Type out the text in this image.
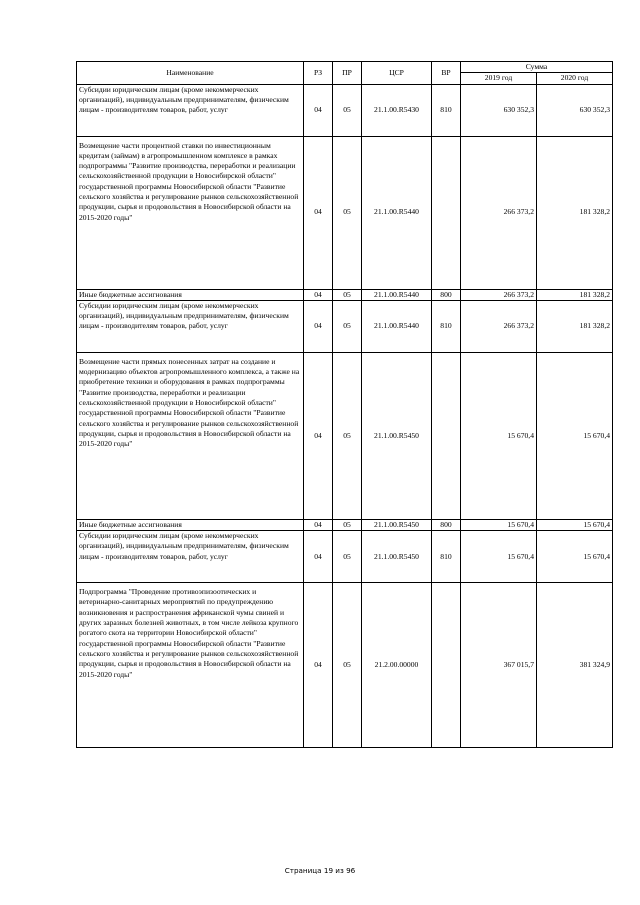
Наименование	РЗ	ПР	ЦСР	ВР	Сумма	
					2019 год	2020 год
Субсидии юридическим лицам (кроме некоммерческих организаций), индивидуальным предпринимателям, физическим лицам - производителям товаров, работ, услуг	04	05	21.1.00.R5430	810	630 352,3	630 352,3
Возмещение части процентной ставки по инвестиционным кредитам (займам) в агропромышленном комплексе в рамках подпрограммы "Развитие производства, переработки и реализации сельскохозяйственной продукции в Новосибирской области" государственной программы Новосибирской области "Развитие сельского хозяйства и регулирование рынков сельскохозяйственной продукции, сырья и продовольствия в Новосибирской области на 2015-2020 годы"	04	05	21.1.00.R5440		266 373,2	181 328,2
Иные бюджетные ассигнования	04	05	21.1.00.R5440	800	266 373,2	181 328,2
Субсидии юридическим лицам (кроме некоммерческих организаций), индивидуальным предпринимателям, физическим лицам - производителям товаров, работ, услуг	04	05	21.1.00.R5440	810	266 373,2	181 328,2
Возмещение части прямых понесенных затрат на создание и модернизацию объектов агропромышленного комплекса, а также на приобретение техники и оборудования в рамках подпрограммы "Развитие производства, переработки и реализации сельскохозяйственной продукции в Новосибирской области" государственной программы Новосибирской области "Развитие сельского хозяйства и регулирование рынков сельскохозяйственной продукции, сырья и продовольствия в Новосибирской области на 2015-2020 годы"	04	05	21.1.00.R5450		15 670,4	15 670,4
Иные бюджетные ассигнования	04	05	21.1.00.R5450	800	15 670,4	15 670,4
Субсидии юридическим лицам (кроме некоммерческих организаций), индивидуальным предпринимателям, физическим лицам - производителям товаров, работ, услуг	04	05	21.1.00.R5450	810	15 670,4	15 670,4
Подпрограмма "Проведение противоэпизоотических и ветеринарно-санитарных мероприятий по предупреждению возникновения и распространения африканской чумы свиней и других заразных болезней животных, в том числе лейкоза крупного рогатого скота на территории Новосибирской области" государственной программы Новосибирской области "Развитие сельского хозяйства и регулирование рынков сельскохозяйственной продукции, сырья и продовольствия в Новосибирской области на 2015-2020 годы"	04	05	21.2.00.00000		367 015,7	381 324,9
Страница 19 из 96
